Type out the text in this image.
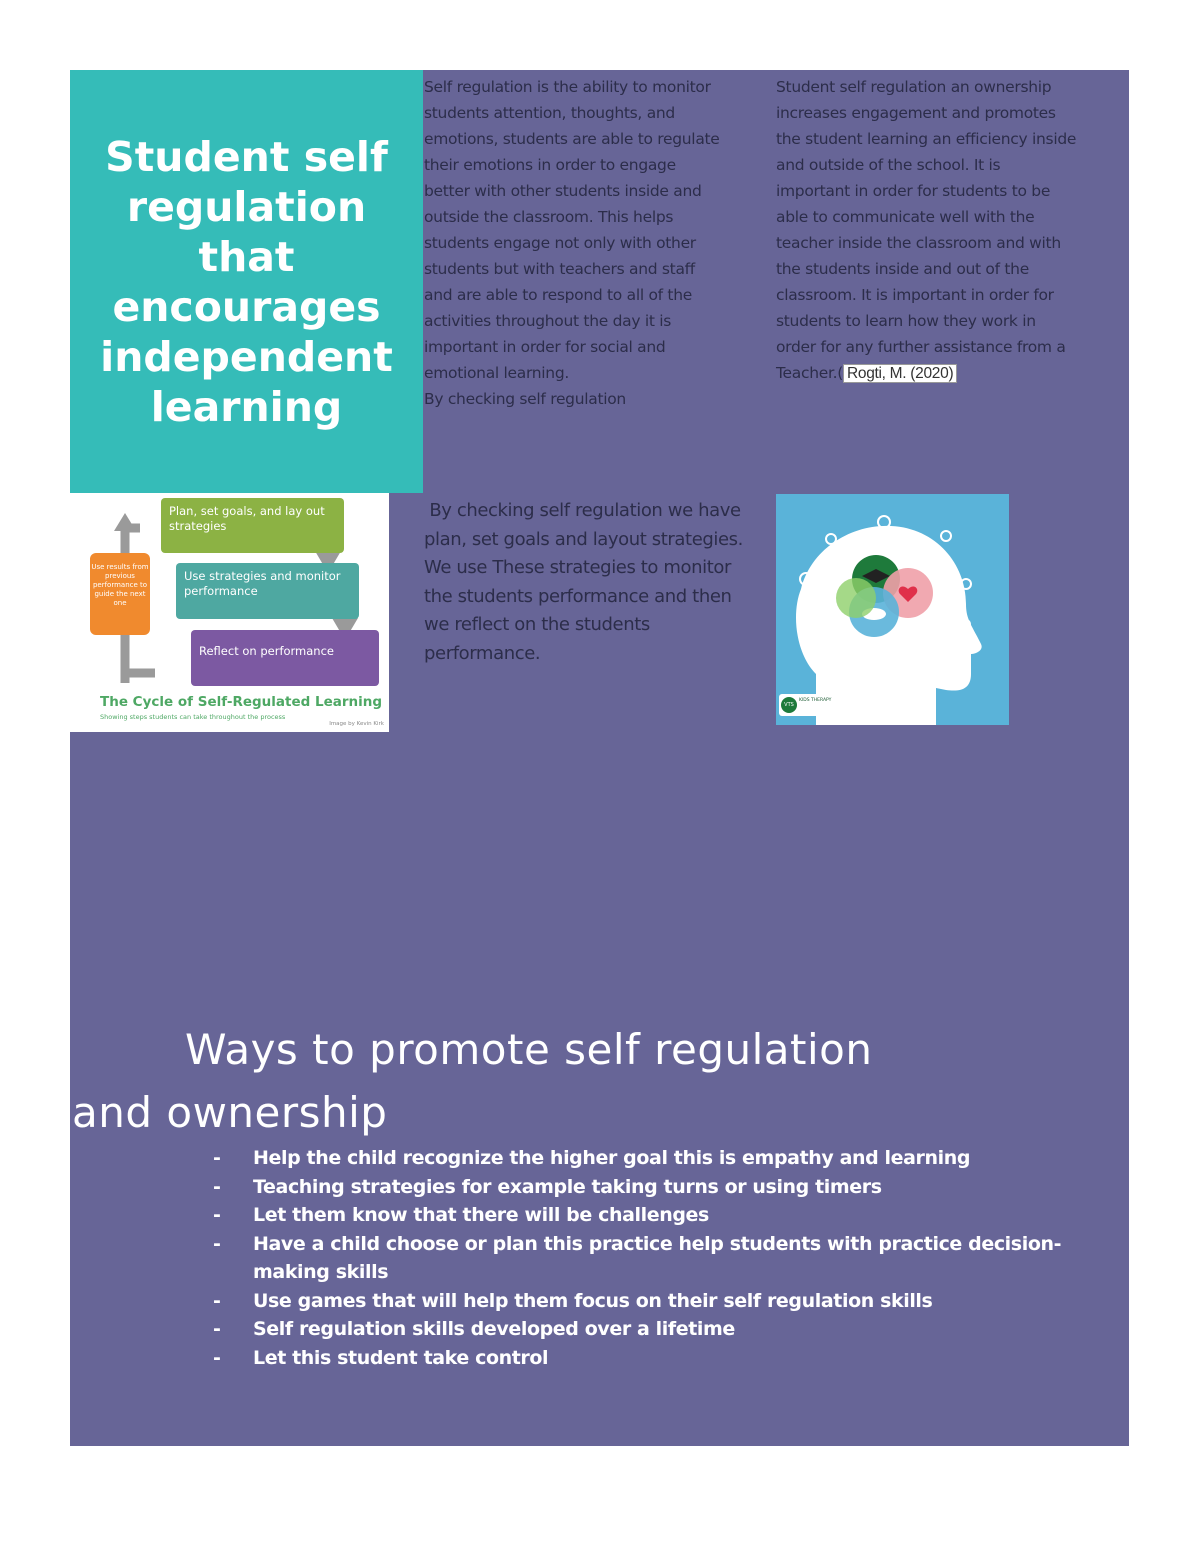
Student self regulation that encourages independent learning
Self regulation is the ability to monitor
students attention, thoughts, and
emotions, students are able to regulate
their emotions in order to engage
better with other students inside and
outside the classroom. This helps
students engage not only with other
students but with teachers and staff
and are able to respond to all of the
activities throughout the day it is
important in order for social and
emotional learning.
By checking self regulation
Student self regulation an ownership
increases engagement and promotes
the student learning an efficiency inside
and outside of the school. It is
important in order for students to be
able to communicate well with the
teacher inside the classroom and with
the students inside and out of the
classroom. It is important in order for
students to learn how they work in
order for any further assistance from a
Teacher.( Rogti, M. (2020)
Plan, set goals, and lay out strategies
Use strategies and monitor performance
Reflect on performance
Use results from previous performance to guide the next one
The Cycle of Self-Regulated Learning
Showing steps students can take throughout the process
Image by Kevin Kirk
By checking self regulation we have
plan, set goals and layout strategies.
We use These strategies to monitor
the students performance and then
we reflect on the students
performance.
VTS
KIDS THERAPY
Ways to promote self regulation
and ownership
- Help the child recognize the higher goal this is empathy and learning
- Teaching strategies for example taking turns or using timers
- Let them know that there will be challenges
- Have a child choose or plan this practice help students with practice decision-making skills
- Use games that will help them focus on their self regulation skills
- Self regulation skills developed over a lifetime
- Let this student take control
